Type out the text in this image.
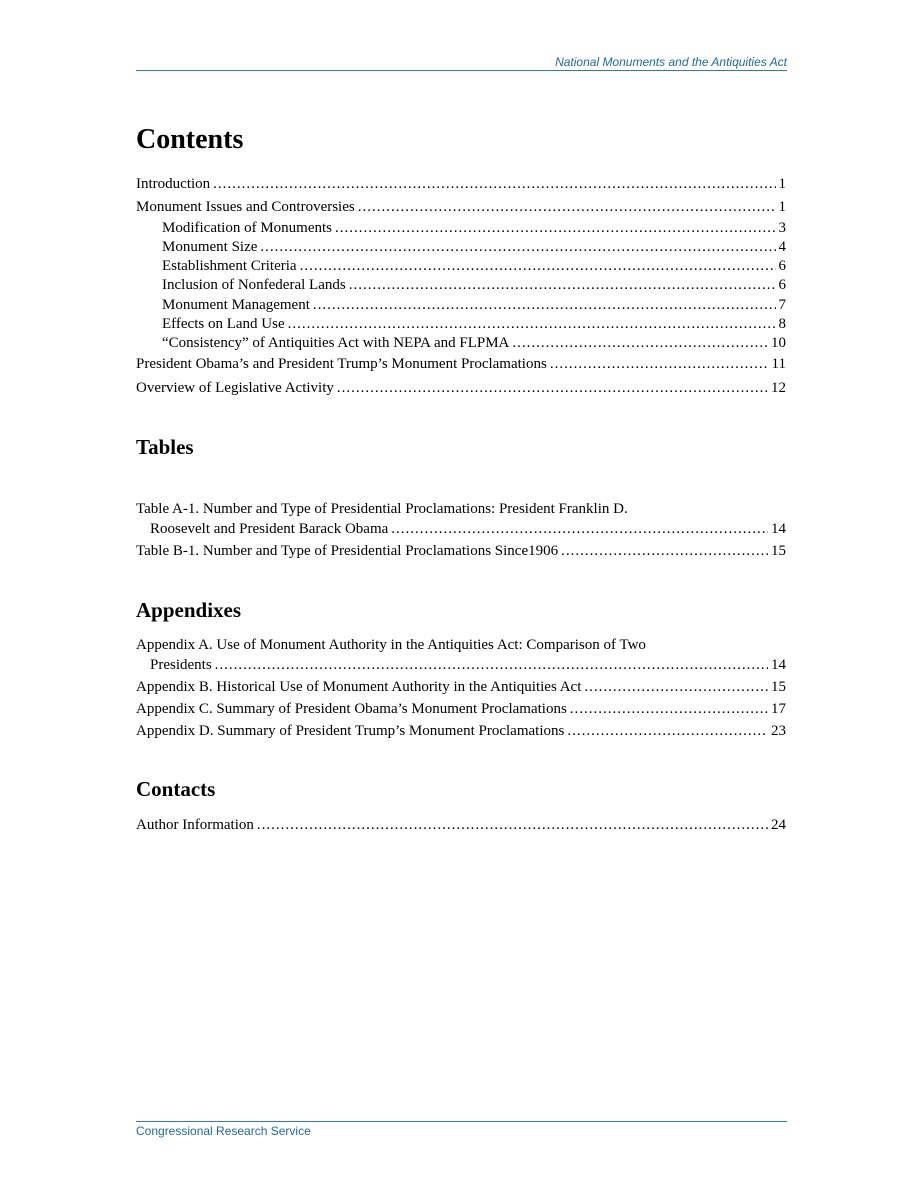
National Monuments and the Antiquities Act
Contents
Introduction .....	1
Monument Issues and Controversies .....	1
Modification of Monuments .....	3
Monument Size .....	4
Establishment Criteria .....	6
Inclusion of Nonfederal Lands .....	6
Monument Management .....	7
Effects on Land Use .....	8
“Consistency” of Antiquities Act with NEPA and FLPMA .....	10
President Obama’s and President Trump’s Monument Proclamations .....	11
Overview of Legislative Activity .....	12
Tables
Table A-1. Number and Type of Presidential Proclamations: President Franklin D.
Roosevelt and President Barack Obama .....	14
Table B-1. Number and Type of Presidential Proclamations Since1906 .....	15
Appendixes
Appendix A. Use of Monument Authority in the Antiquities Act: Comparison of Two
Presidents .....	14
Appendix B. Historical Use of Monument Authority in the Antiquities Act .....	15
Appendix C. Summary of President Obama’s Monument Proclamations .....	17
Appendix D. Summary of President Trump’s Monument Proclamations .....	23
Contacts
Author Information .....	24
Congressional Research Service
